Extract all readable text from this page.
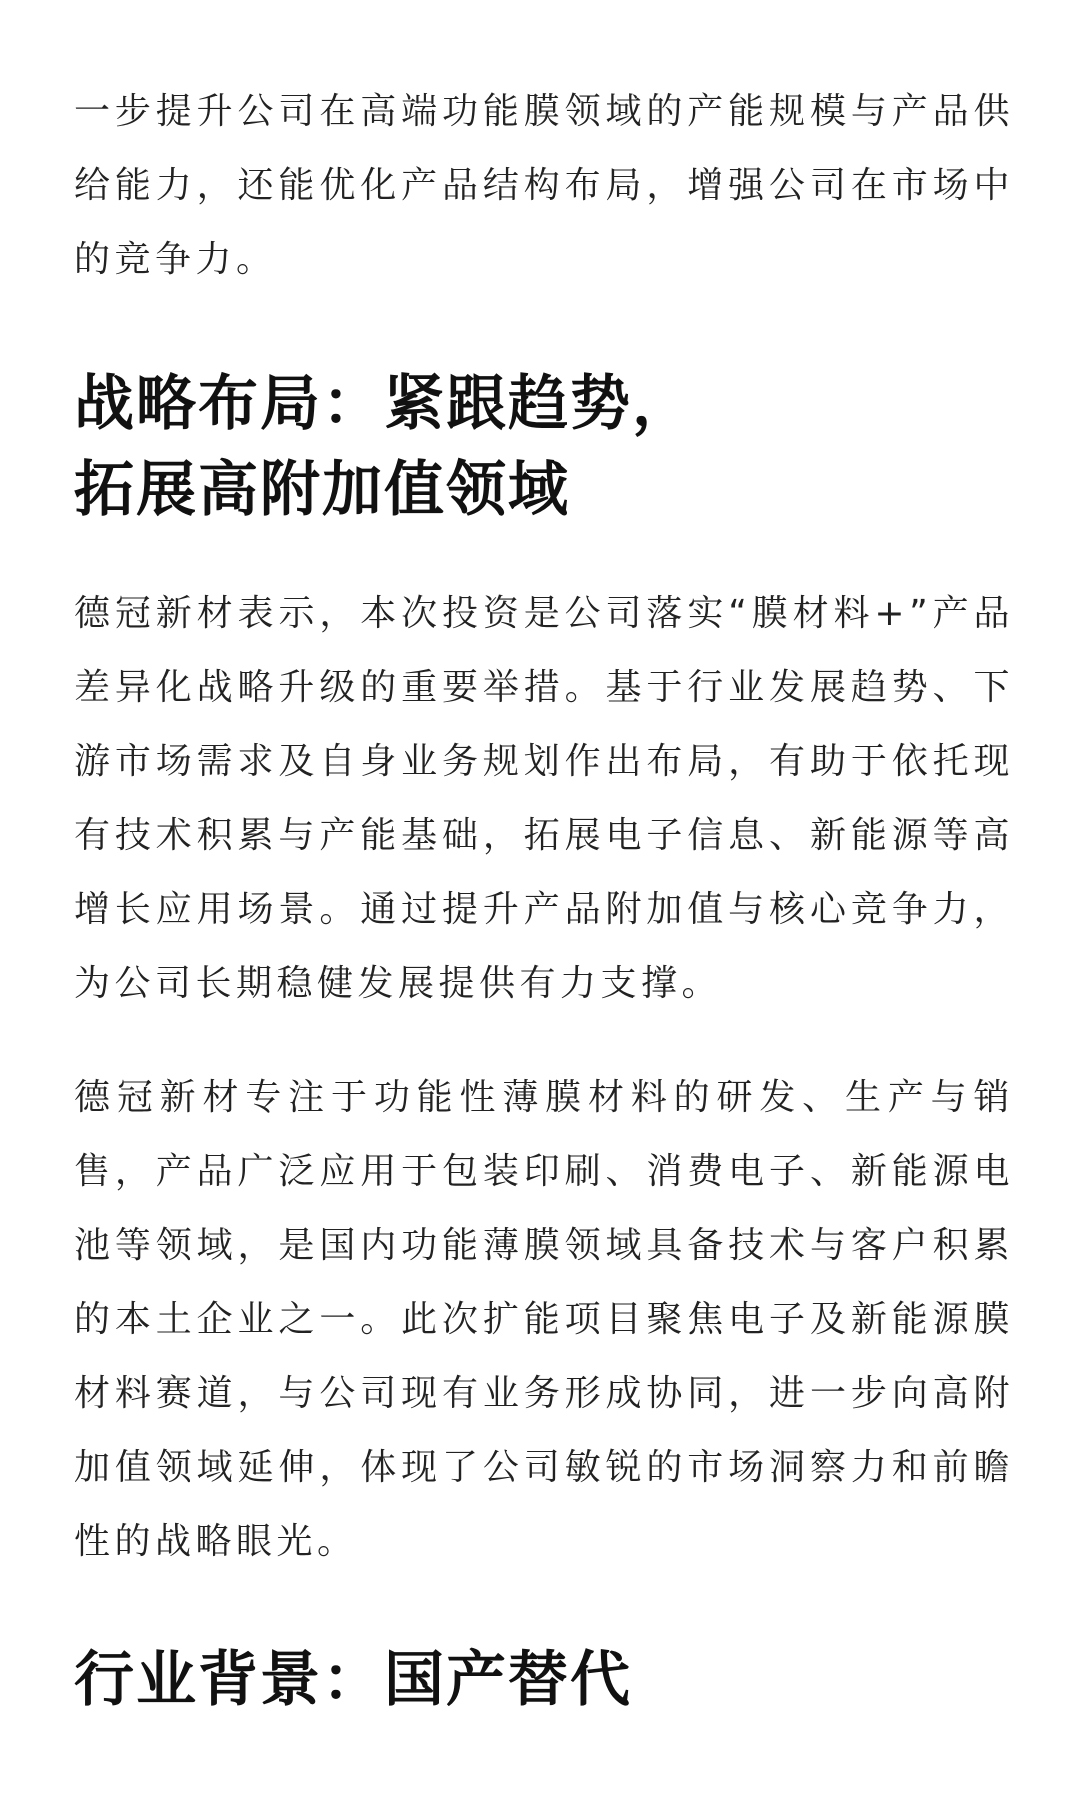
一步提升公司在高端功能膜领域的产能规模与产品供给能力，还能优化产品结构布局，增强公司在市场中的竞争力。

战略布局：紧跟趋势，
拓展高附加值领域

德冠新材表示，本次投资是公司落实“膜材料+”产品差异化战略升级的重要举措。基于行业发展趋势、下游市场需求及自身业务规划作出布局，有助于依托现有技术积累与产能基础，拓展电子信息、新能源等高增长应用场景。通过提升产品附加值与核心竞争力，为公司长期稳健发展提供有力支撑。

德冠新材专注于功能性薄膜材料的研发、生产与销售，产品广泛应用于包装印刷、消费电子、新能源电池等领域，是国内功能薄膜领域具备技术与客户积累的本土企业之一。此次扩能项目聚焦电子及新能源膜材料赛道，与公司现有业务形成协同，进一步向高附加值领域延伸，体现了公司敏锐的市场洞察力和前瞻性的战略眼光。

行业背景：国产替代
